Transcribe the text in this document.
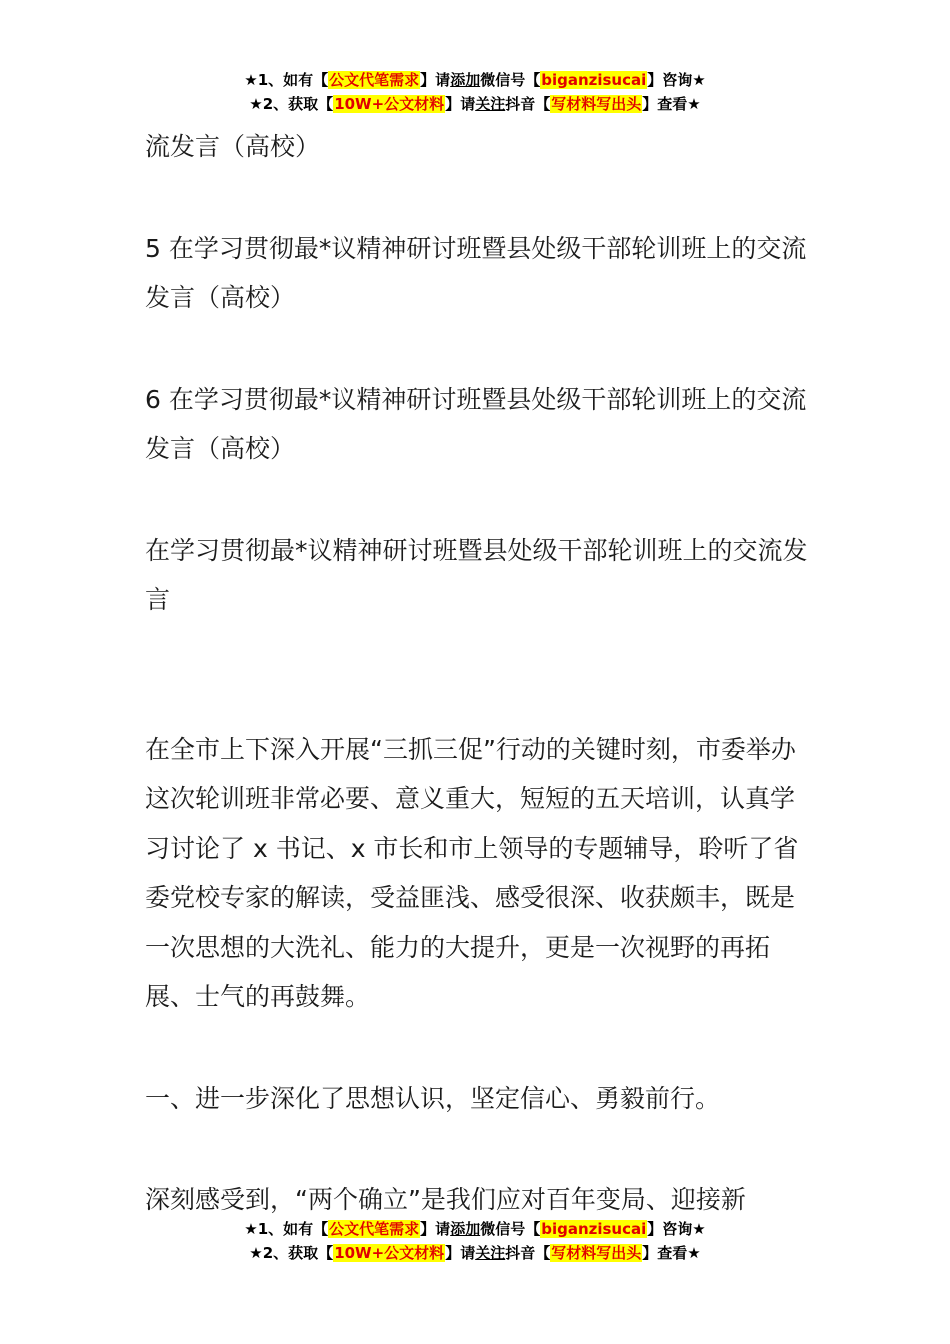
★1、如有【公文代笔需求】请添加微信号【biganzisucai】咨询★
★2、获取【10W+公文材料】请关注抖音【写材料写出头】查看★

流发言（高校）

5 在学习贯彻最*议精神研讨班暨县处级干部轮训班上的交流发言（高校）

6 在学习贯彻最*议精神研讨班暨县处级干部轮训班上的交流发言（高校）

在学习贯彻最*议精神研讨班暨县处级干部轮训班上的交流发言

在全市上下深入开展“三抓三促”行动的关键时刻，市委举办这次轮训班非常必要、意义重大，短短的五天培训，认真学习讨论了 x 书记、x 市长和市上领导的专题辅导，聆听了省委党校专家的解读，受益匪浅、感受很深、收获颇丰，既是一次思想的大洗礼、能力的大提升，更是一次视野的再拓展、士气的再鼓舞。

一、进一步深化了思想认识，坚定信心、勇毅前行。

深刻感受到，“两个确立”是我们应对百年变局、迎接新

★1、如有【公文代笔需求】请添加微信号【biganzisucai】咨询★
★2、获取【10W+公文材料】请关注抖音【写材料写出头】查看★
